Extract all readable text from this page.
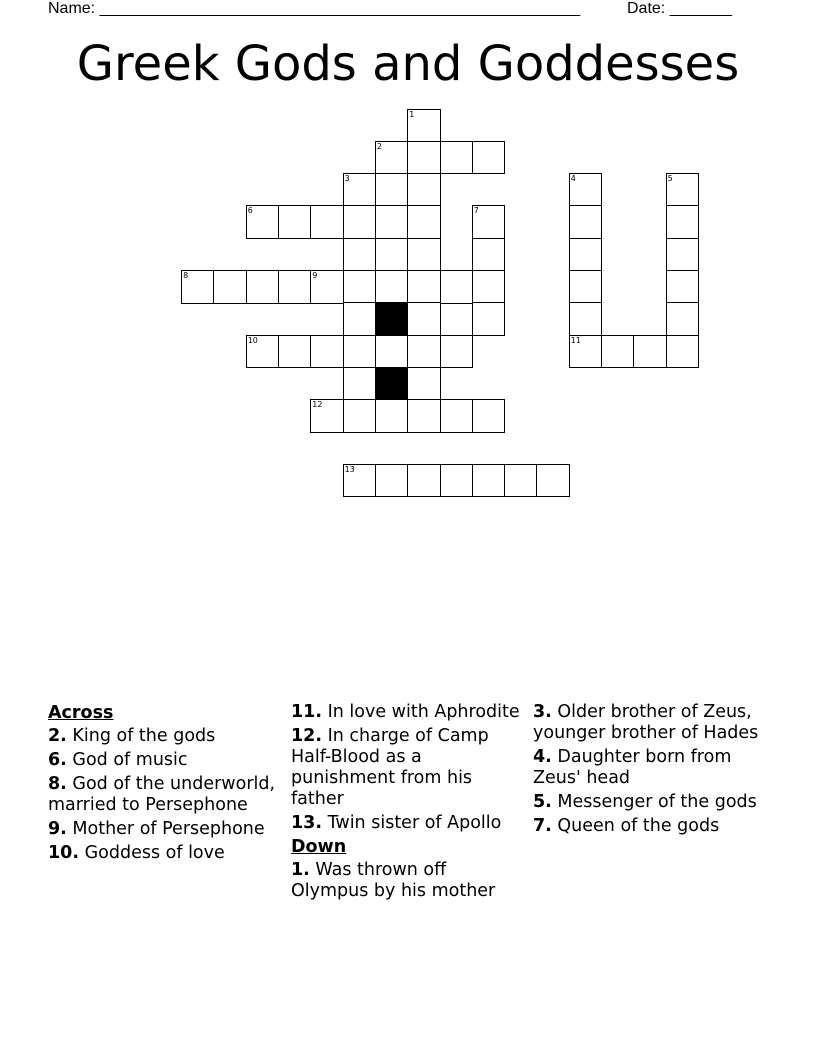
Name: ______________________________________________________	Date: _______
Greek Gods and Goddesses
1
2
3	4	5
6	7
8	9
10	11
12
13
Across
2. King of the gods
6. God of music
8. God of the underworld, married to Persephone
9. Mother of Persephone
10. Goddess of love
11. In love with Aphrodite
12. In charge of Camp Half-Blood as a punishment from his father
13. Twin sister of Apollo
Down
1. Was thrown off Olympus by his mother
3. Older brother of Zeus, younger brother of Hades
4. Daughter born from Zeus' head
5. Messenger of the gods
7. Queen of the gods
